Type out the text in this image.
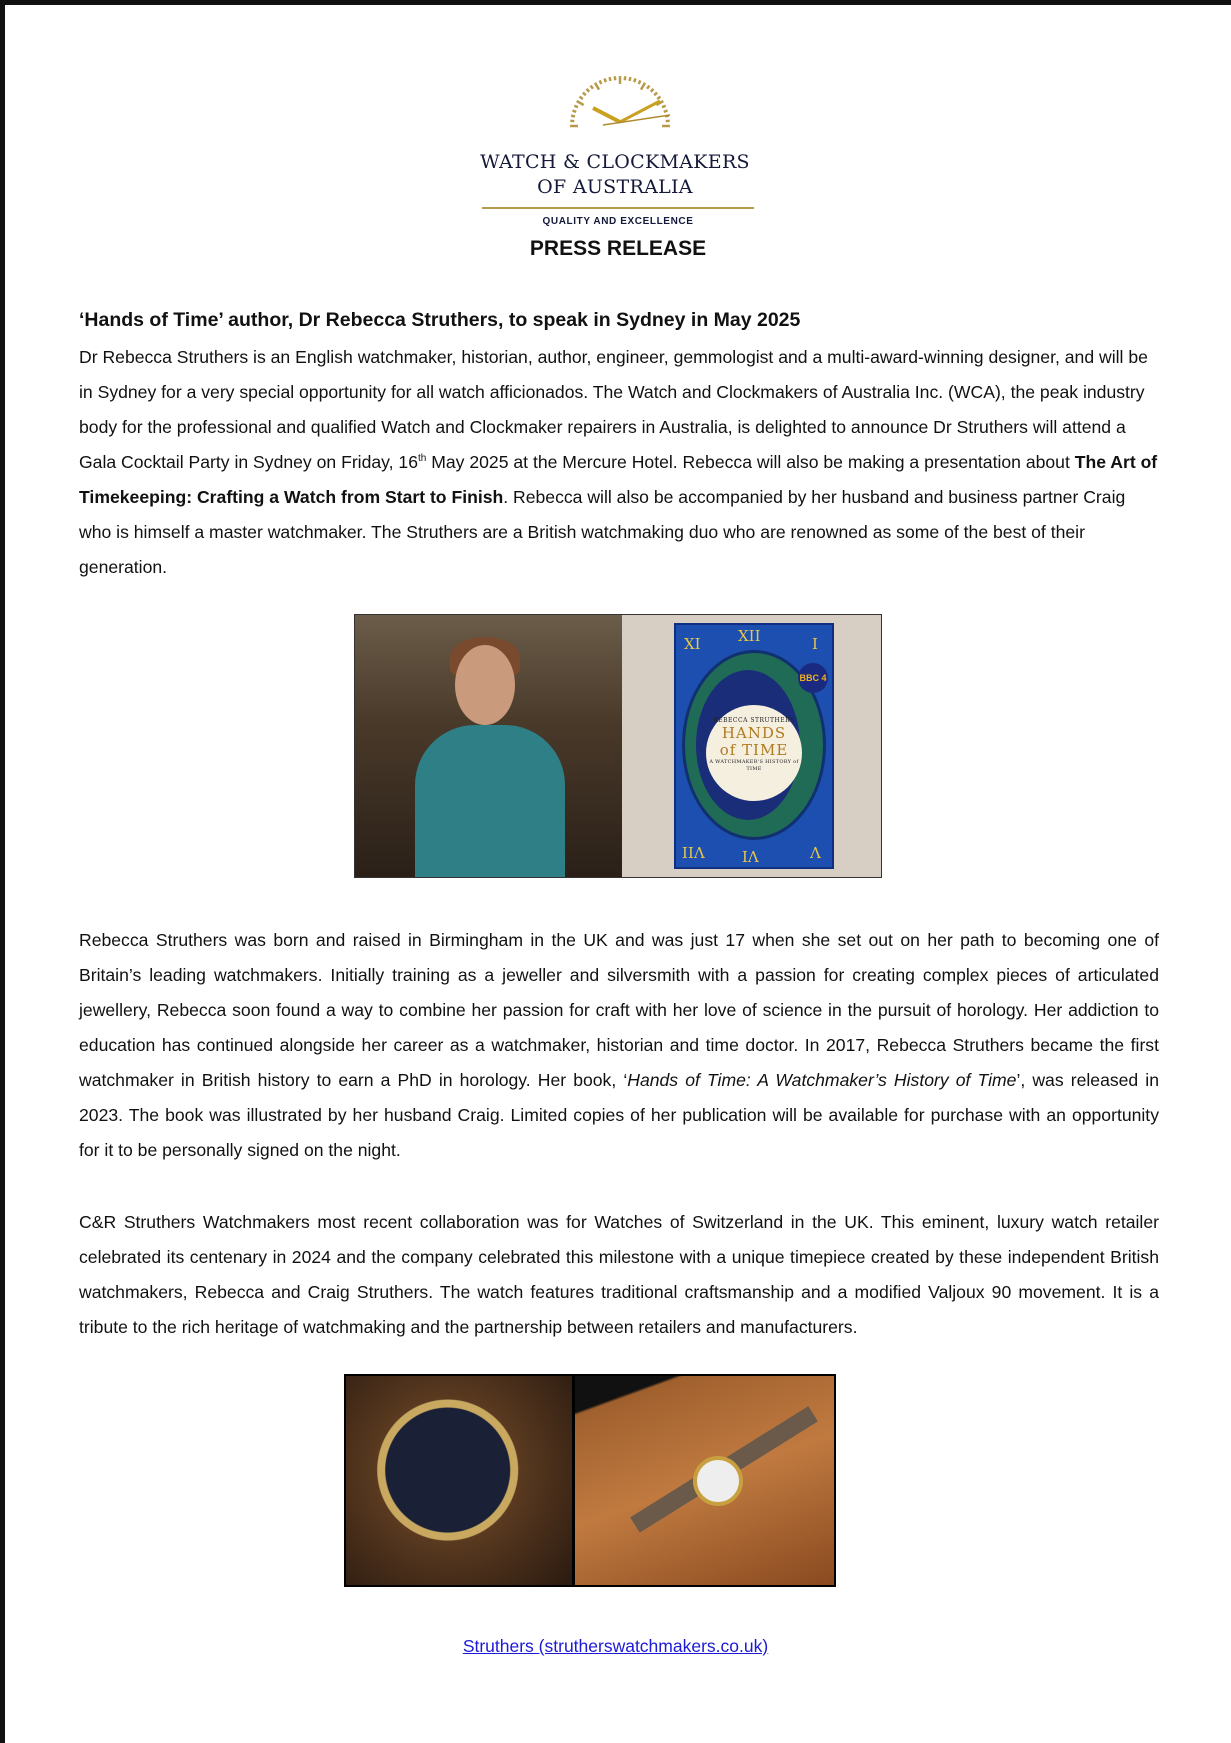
WATCH & CLOCKMAKERS
OF AUSTRALIA
QUALITY AND EXCELLENCE
PRESS RELEASE
‘Hands of Time’ author, Dr Rebecca Struthers, to speak in Sydney in May 2025
Dr Rebecca Struthers is an English watchmaker, historian, author, engineer, gemmologist and a multi-award-winning designer, and will be in Sydney for a very special opportunity for all watch afficionados. The Watch and Clockmakers of Australia Inc. (WCA), the peak industry body for the professional and qualified Watch and Clockmaker repairers in Australia, is delighted to announce Dr Struthers will attend a Gala Cocktail Party in Sydney on Friday, 16th May 2025 at the Mercure Hotel. Rebecca will also be making a presentation about The Art of Timekeeping: Crafting a Watch from Start to Finish. Rebecca will also be accompanied by her husband and business partner Craig who is himself a master watchmaker. The Struthers are a British watchmaking duo who are renowned as some of the best of their generation.
XI XII	I
VII VI	V
BBC 4
REBECCA STRUTHERS
HANDS
of TIME
A WATCHMAKER'S HISTORY of TIME
Rebecca Struthers was born and raised in Birmingham in the UK and was just 17 when she set out on her path to becoming one of Britain’s leading watchmakers. Initially training as a jeweller and silversmith with a passion for creating complex pieces of articulated jewellery, Rebecca soon found a way to combine her passion for craft with her love of science in the pursuit of horology. Her addiction to education has continued alongside her career as a watchmaker, historian and time doctor. In 2017, Rebecca Struthers became the first watchmaker in British history to earn a PhD in horology. Her book, ‘Hands of Time: A Watchmaker’s History of Time’, was released in 2023. The book was illustrated by her husband Craig. Limited copies of her publication will be available for purchase with an opportunity for it to be personally signed on the night.
C&R Struthers Watchmakers most recent collaboration was for Watches of Switzerland in the UK. This eminent, luxury watch retailer celebrated its centenary in 2024 and the company celebrated this milestone with a unique timepiece created by these independent British watchmakers, Rebecca and Craig Struthers. The watch features traditional craftsmanship and a modified Valjoux 90 movement. It is a tribute to the rich heritage of watchmaking and the partnership between retailers and manufacturers.
Struthers (strutherswatchmakers.co.uk)
